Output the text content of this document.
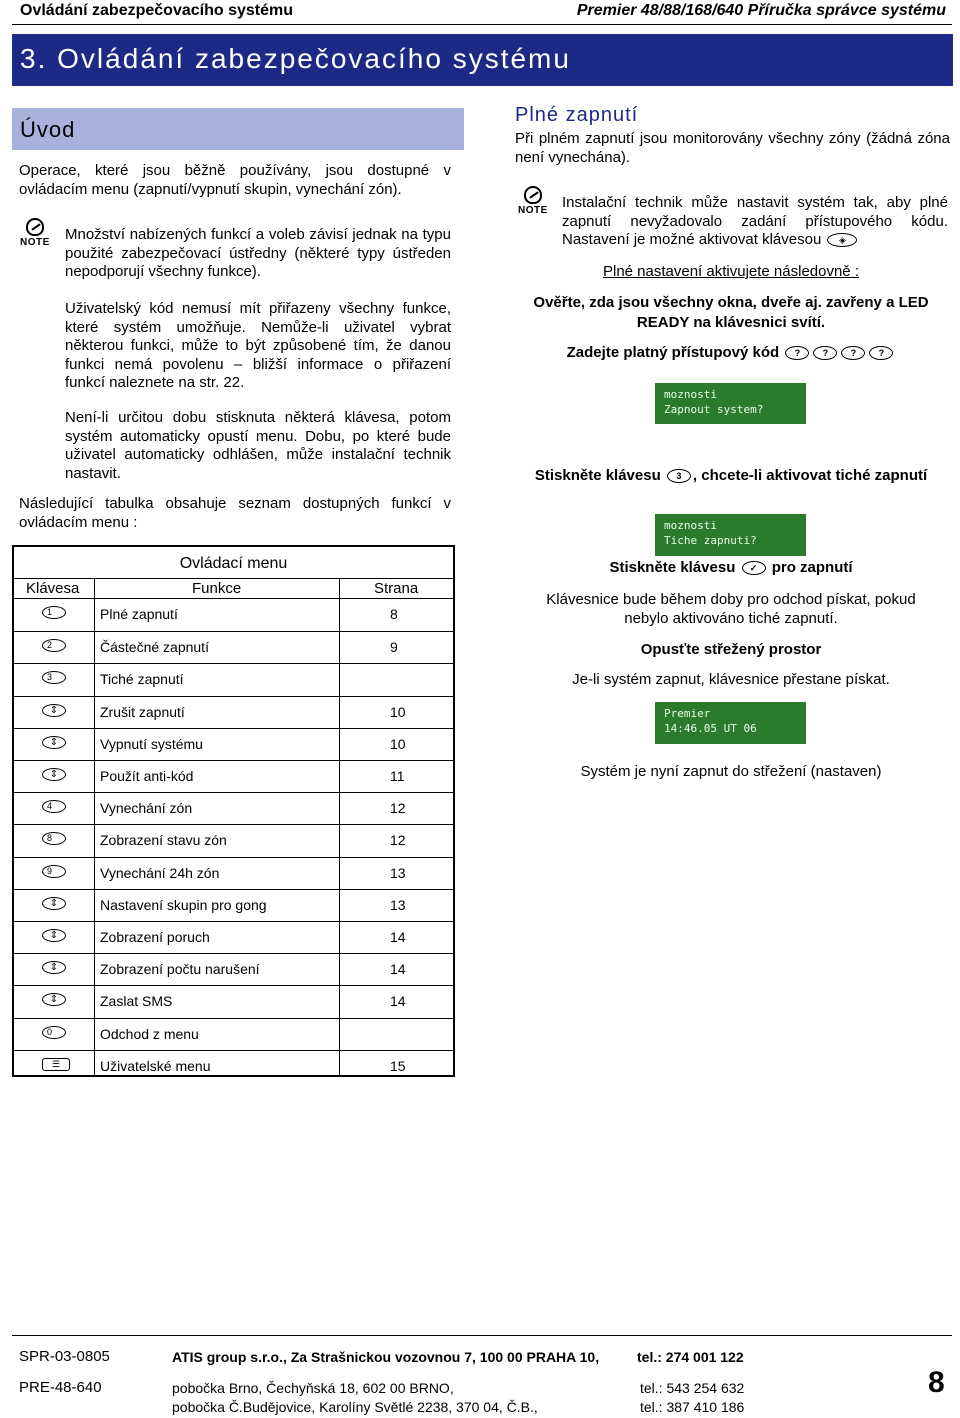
Ovládání zabezpečovacího systému	Premier 48/88/168/640 Příručka správce systému
3. Ovládání zabezpečovacího systému
Úvod
Operace, které jsou běžně používány, jsou dostupné v ovládacím menu (zapnutí/vypnutí skupin, vynechání zón).
NOTE Množství nabízených funkcí a voleb závisí jednak na typu použité zabezpečovací ústředny (některé typy ústředen nepodporují všechny funkce).
Uživatelský kód nemusí mít přiřazeny všechny funkce, které systém umožňuje. Nemůže-li uživatel vybrat některou funkci, může to být způsobené tím, že danou funkci nemá povolenu – bližší informace o přiřazení funkcí naleznete na str. 22.
Není-li určitou dobu stisknuta některá klávesa, potom systém automaticky opustí menu. Dobu, po které bude uživatel automaticky odhlášen, může instalační technik nastavit.
Následující tabulka obsahuje seznam dostupných funkcí v ovládacím menu :
Ovládací menu
Klávesa	Funkce	Strana
1	Plné zapnutí	8
2	Částečné zapnutí	9
3	Tiché zapnutí
⇕	Zrušit zapnutí	10
⇕	Vypnutí systému	10
⇕	Použít anti-kód	11
4	Vynechání zón	12
8	Zobrazení stavu zón	12
9	Vynechání 24h zón	13
⇕	Nastavení skupin pro gong	13
⇕	Zobrazení poruch	14
⇕	Zobrazení počtu narušení	14
⇕	Zaslat SMS	14
0	Odchod z menu
☰	Uživatelské menu	15
Plné zapnutí
Při plném zapnutí jsou monitorovány všechny zóny (žádná zóna není vynechána).
NOTE Instalační technik může nastavit systém tak, aby plné zapnutí nevyžadovalo zadání přístupového kódu. Nastavení je možné aktivovat klávesou ◈
Plné nastavení aktivujete následovně :
Ověřte, zda jsou všechny okna, dveře aj. zavřeny a LED READY na klávesnici svítí.
Zadejte platný přístupový kód ?	?	?	?
moznosti
Zapnout system?
Stiskněte klávesu 3 , chcete-li aktivovat tiché zapnutí
moznosti
Tiche zapnuti?
Stiskněte klávesu ✓ pro zapnutí
Klávesnice bude během doby pro odchod pískat, pokud nebylo aktivováno tiché zapnutí.
Opusťte střežený prostor
Je-li systém zapnut, klávesnice přestane pískat.
Premier
14:46.05 UT 06
Systém je nyní zapnut do střežení (nastaven)
SPR-03-0805
PRE-48-640
ATIS group s.r.o., Za Strašnickou vozovnou 7, 100 00 PRAHA 10,	tel.: 274 001 122
pobočka Brno, Čechyňská 18, 602 00 BRNO,	tel.: 543 254 632
pobočka Č.Budějovice, Karolíny Světlé 2238, 370 04, Č.B.,	tel.: 387 410 186
8
